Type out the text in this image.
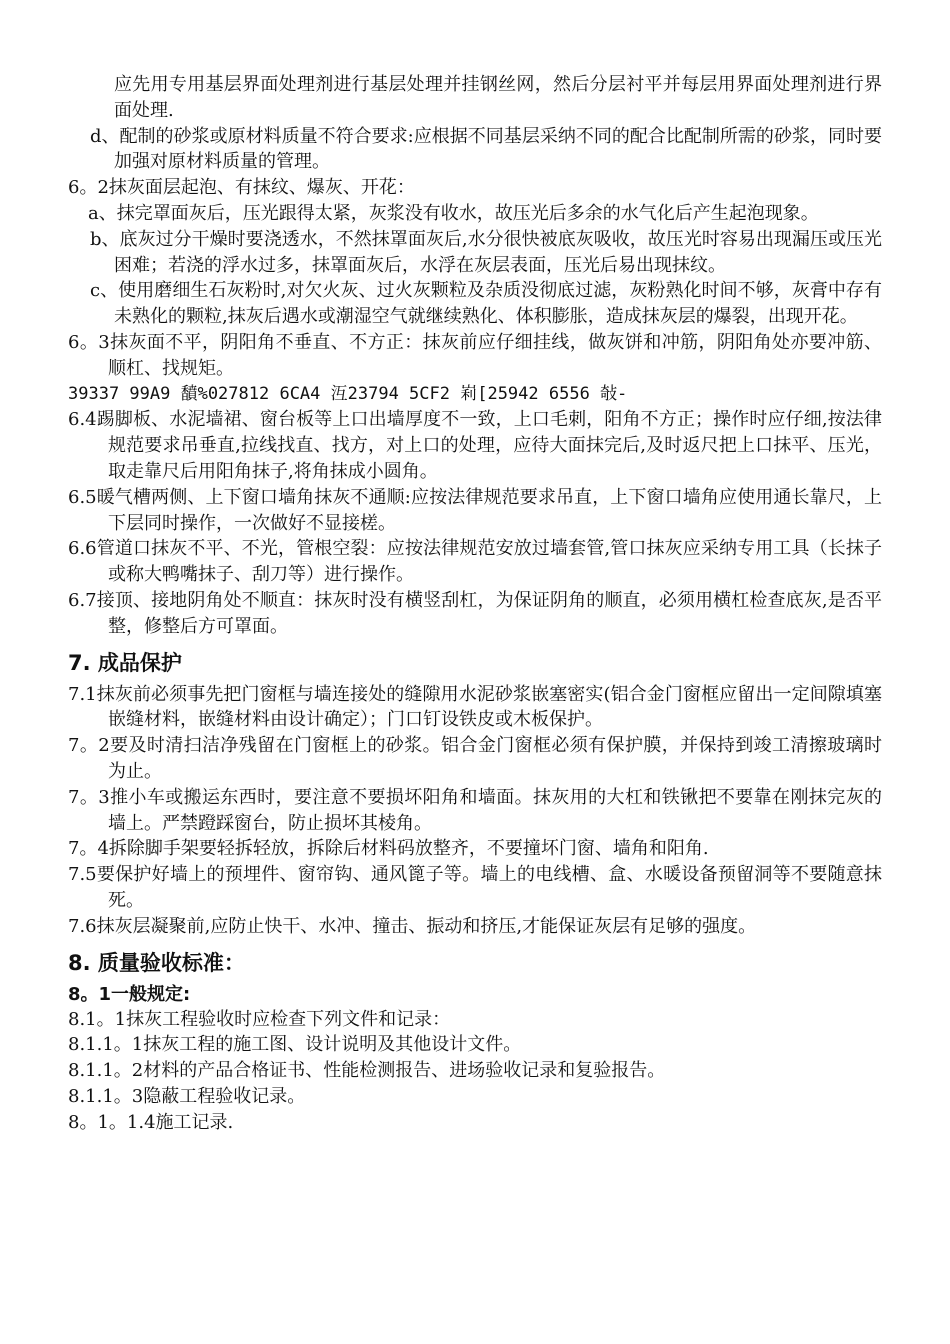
应先用专用基层界面处理剂进行基层处理并挂钢丝网，然后分层衬平并每层用界面处理剂进行界面处理.

d、配制的砂浆或原材料质量不符合要求:应根据不同基层采纳不同的配合比配制所需的砂浆，同时要加强对原材料质量的管理。

6。2抹灰面层起泡、有抹纹、爆灰、开花：

a、抹完罩面灰后，压光跟得太紧，灰浆没有收水，故压光后多余的水气化后产生起泡现象。

b、底灰过分干燥时要浇透水，不然抹罩面灰后,水分很快被底灰吸收，故压光时容易出现漏压或压光困难；若浇的浮水过多，抹罩面灰后，水浮在灰层表面，压光后易出现抹纹。

c、使用磨细生石灰粉时,对欠火灰、过火灰颗粒及杂质没彻底过滤，灰粉熟化时间不够，灰膏中存有未熟化的颗粒,抹灰后遇水或潮湿空气就继续熟化、体积膨胀，造成抹灰层的爆裂，出现开花。

6。3抹灰面不平，阴阳角不垂直、不方正：抹灰前应仔细挂线，做灰饼和冲筋，阴阳角处亦要冲筋、顺杠、找规矩。

39337 99A9 馩%027812 6CA4 沍23794 5CF2 峲[25942 6556 敧-

6.4踢脚板、水泥墙裙、窗台板等上口出墙厚度不一致，上口毛刺，阳角不方正；操作时应仔细,按法律规范要求吊垂直,拉线找直、找方，对上口的处理，应待大面抹完后,及时返尺把上口抹平、压光，取走靠尺后用阳角抹子,将角抹成小圆角。

6.5暖气槽两侧、上下窗口墙角抹灰不通顺:应按法律规范要求吊直，上下窗口墙角应使用通长靠尺，上下层同时操作，一次做好不显接槎。

6.6管道口抹灰不平、不光，管根空裂：应按法律规范安放过墙套管,管口抹灰应采纳专用工具（长抹子或称大鸭嘴抹子、刮刀等）进行操作。

6.7接顶、接地阴角处不顺直：抹灰时没有横竖刮杠，为保证阴角的顺直，必须用横杠检查底灰,是否平整，修整后方可罩面。

7. 成品保护

7.1抹灰前必须事先把门窗框与墙连接处的缝隙用水泥砂浆嵌塞密实(铝合金门窗框应留出一定间隙填塞嵌缝材料，嵌缝材料由设计确定）；门口钉设铁皮或木板保护。

7。2要及时清扫洁净残留在门窗框上的砂浆。铝合金门窗框必须有保护膜，并保持到竣工清擦玻璃时为止。

7。3推小车或搬运东西时，要注意不要损坏阳角和墙面。抹灰用的大杠和铁锹把不要靠在刚抹完灰的墙上。严禁蹬踩窗台，防止损坏其棱角。

7。4拆除脚手架要轻拆轻放，拆除后材料码放整齐，不要撞坏门窗、墙角和阳角.

7.5要保护好墙上的预埋件、窗帘钩、通风篦子等。墙上的电线槽、盒、水暖设备预留洞等不要随意抹死。

7.6抹灰层凝聚前,应防止快干、水冲、撞击、振动和挤压,才能保证灰层有足够的强度。

8. 质量验收标准：
8。1一般规定:

8.1。1抹灰工程验收时应检查下列文件和记录：

8.1.1。1抹灰工程的施工图、设计说明及其他设计文件。

8.1.1。2材料的产品合格证书、性能检测报告、进场验收记录和复验报告。

8.1.1。3隐蔽工程验收记录。

8。1。1.4施工记录.
